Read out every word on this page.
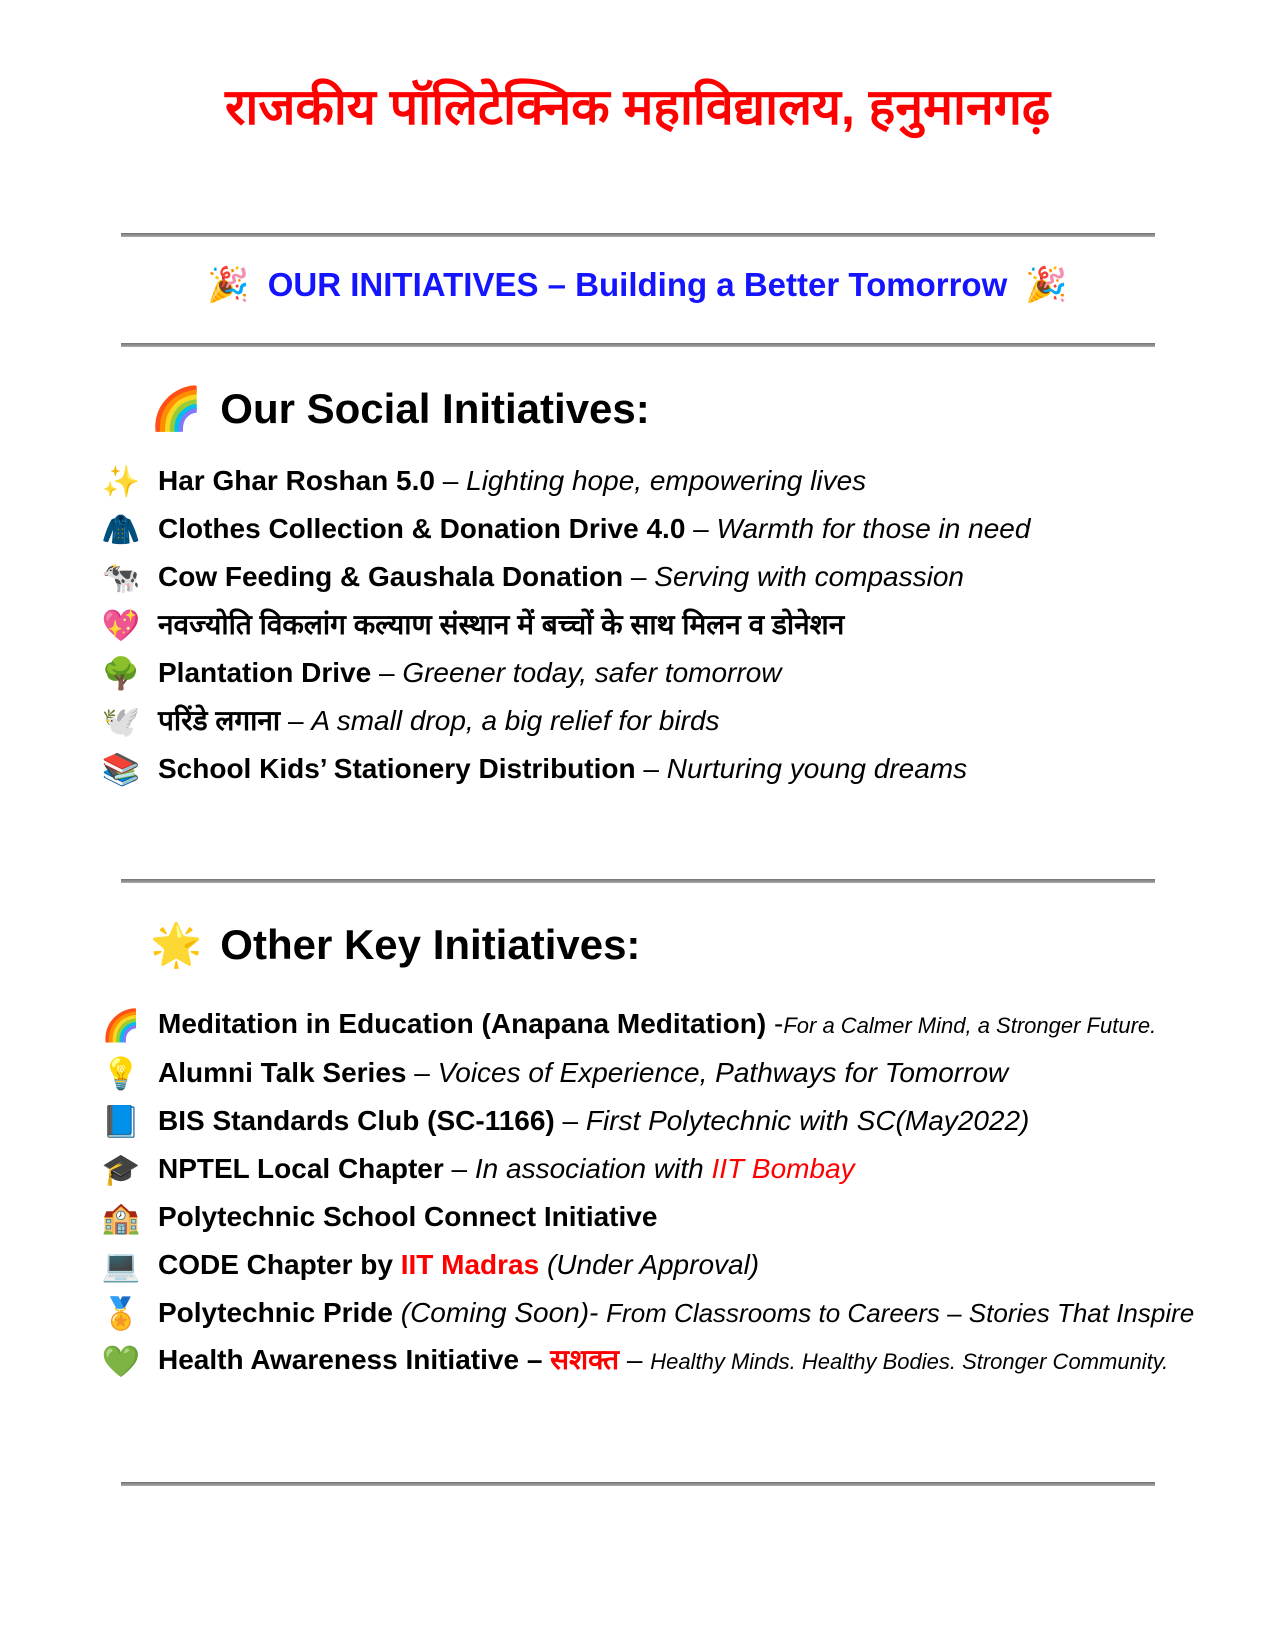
राजकीय पॉलिटेक्निक महाविद्यालय, हनुमानगढ़
🎉 OUR INITIATIVES – Building a Better Tomorrow 🎉
🌈 Our Social Initiatives:
✨ Har Ghar Roshan 5.0 – Lighting hope, empowering lives
🧥 Clothes Collection & Donation Drive 4.0 – Warmth for those in need
🐄 Cow Feeding & Gaushala Donation – Serving with compassion
💖 नवज्योति विकलांग कल्याण संस्थान में बच्चों के साथ मिलन व डोनेशन
🌳 Plantation Drive – Greener today, safer tomorrow
🕊️ परिंडे लगाना – A small drop, a big relief for birds
📚 School Kids’ Stationery Distribution – Nurturing young dreams
🌟 Other Key Initiatives:
🌈 Meditation in Education (Anapana Meditation) -For a Calmer Mind, a Stronger Future.
💡 Alumni Talk Series – Voices of Experience, Pathways for Tomorrow
📘 BIS Standards Club (SC-1166) – First Polytechnic with SC(May2022)
🎓 NPTEL Local Chapter – In association with IIT Bombay
🏫 Polytechnic School Connect Initiative
💻 CODE Chapter by IIT Madras (Under Approval)
🏅 Polytechnic Pride (Coming Soon)- From Classrooms to Careers – Stories That Inspire
💚 Health Awareness Initiative – सशक्त – Healthy Minds. Healthy Bodies. Stronger Community.
